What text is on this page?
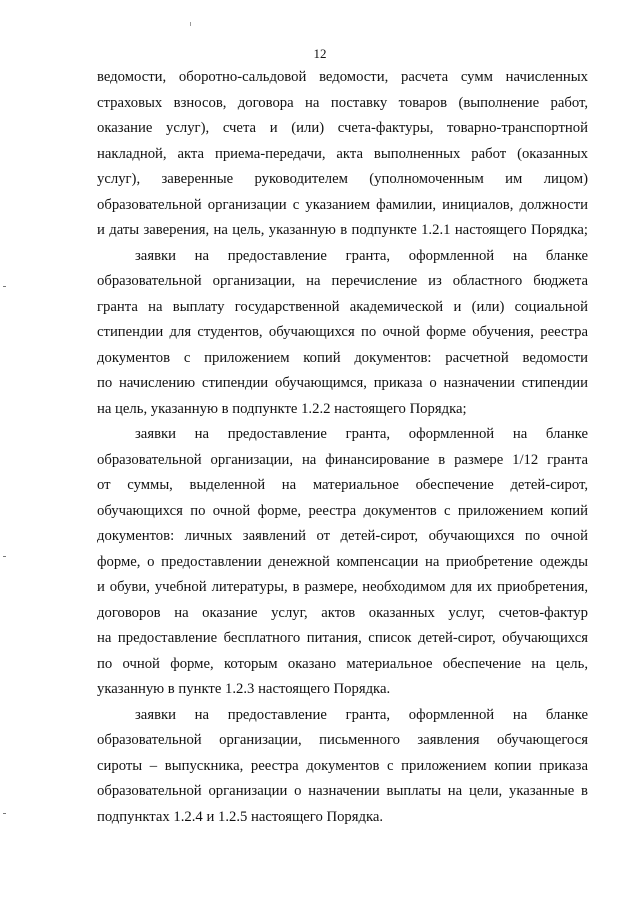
12
ведомости, оборотно-сальдовой ведомости, расчета сумм начисленных
страховых взносов, договора на поставку товаров (выполнение работ,
оказание услуг), счета и (или) счета-фактуры, товарно-транспортной
накладной, акта приема-передачи, акта выполненных работ (оказанных
услуг), заверенные руководителем (уполномоченным им лицом)
образовательной организации с указанием фамилии, инициалов, должности
и даты заверения, на цель, указанную в подпункте 1.2.1 настоящего Порядка;
заявки на предоставление гранта, оформленной на бланке
образовательной организации, на перечисление из областного бюджета
гранта на выплату государственной академической и (или) социальной
стипендии для студентов, обучающихся по очной форме обучения, реестра
документов с приложением копий документов: расчетной ведомости
по начислению стипендии обучающимся, приказа о назначении стипендии
на цель, указанную в подпункте 1.2.2 настоящего Порядка;
заявки на предоставление гранта, оформленной на бланке
образовательной организации, на финансирование в размере 1/12 гранта
от суммы, выделенной на материальное обеспечение детей-сирот,
обучающихся по очной форме, реестра документов с приложением копий
документов: личных заявлений от детей-сирот, обучающихся по очной
форме, о предоставлении денежной компенсации на приобретение одежды
и обуви, учебной литературы, в размере, необходимом для их приобретения,
договоров на оказание услуг, актов оказанных услуг, счетов-фактур
на предоставление бесплатного питания, список детей-сирот, обучающихся
по очной форме, которым оказано материальное обеспечение на цель,
указанную в пункте 1.2.3 настоящего Порядка.
заявки на предоставление гранта, оформленной на бланке
образовательной организации, письменного заявления обучающегося
сироты – выпускника, реестра документов с приложением копии приказа
образовательной организации о назначении выплаты на цели, указанные в
подпунктах 1.2.4 и 1.2.5 настоящего Порядка.
